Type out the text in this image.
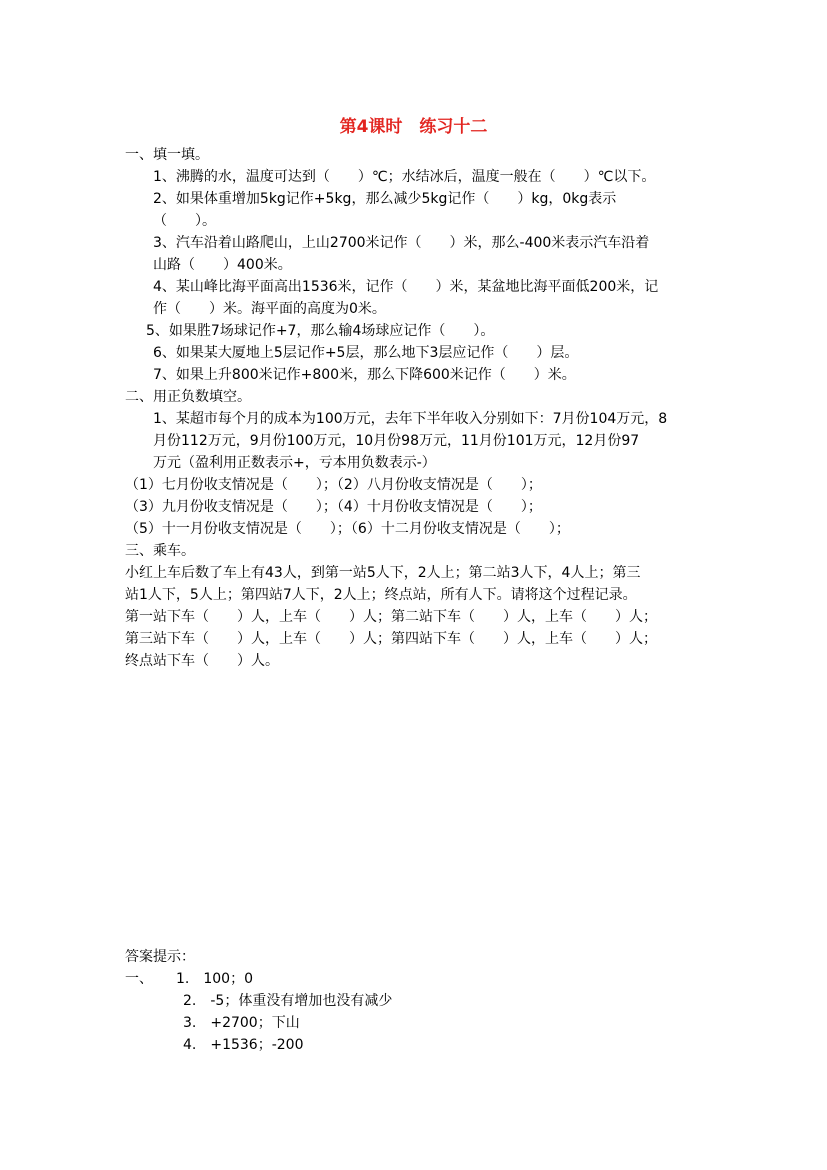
第4课时　练习十二
一、填一填。
1、沸腾的水，温度可达到（　　）℃；水结冰后，温度一般在（　　）℃以下。
2、如果体重增加5kg记作+5kg，那么减少5kg记作（　　）kg，0kg表示
（　　）。
3、汽车沿着山路爬山，上山2700米记作（　　）米，那么-400米表示汽车沿着
山路（　　）400米。
4、某山峰比海平面高出1536米，记作（　　）米，某盆地比海平面低200米，记
作（　　）米。海平面的高度为0米。
5、如果胜7场球记作+7，那么输4场球应记作（　　）。
6、如果某大厦地上5层记作+5层，那么地下3层应记作（　　）层。
7、如果上升800米记作+800米，那么下降600米记作（　　）米。
二、用正负数填空。
1、某超市每个月的成本为100万元，去年下半年收入分别如下：7月份104万元，8
月份112万元，9月份100万元，10月份98万元，11月份101万元，12月份97
万元（盈利用正数表示+，亏本用负数表示-）
（1）七月份收支情况是（　　）；（2）八月份收支情况是（　　）；
（3）九月份收支情况是（　　）；（4）十月份收支情况是（　　）；
（5）十一月份收支情况是（　　）；（6）十二月份收支情况是（　　）；
三、乘车。
小红上车后数了车上有43人，到第一站5人下，2人上；第二站3人下，4人上；第三
站1人下，5人上；第四站7人下，2人上；终点站，所有人下。请将这个过程记录。
第一站下车（　　）人，上车（　　）人；第二站下车（　　）人，上车（　　）人；
第三站下车（　　）人，上车（　　）人；第四站下车（　　）人，上车（　　）人；
终点站下车（　　）人。
答案提示：
一、 1.　100；0
2.　-5；体重没有增加也没有减少
3.　+2700；下山
4.　+1536；-200
